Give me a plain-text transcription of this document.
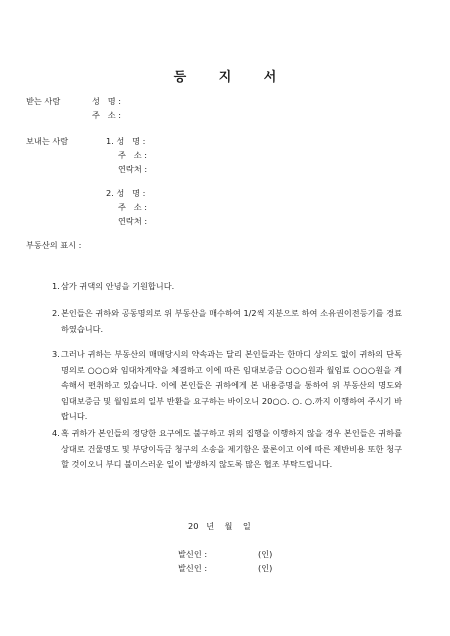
등 지 서
받는 사람	성   명 :
주   소 :
보내는 사람	1. 성   명 :
주   소 :
연락처 :
2. 성   명 :
주   소 :
연락처 :
부동산의 표시 :
1. 삼가 귀댁의 안녕을 기원합니다.
2. 본인들은 귀하와 공동명의로 위 부동산을 매수하여 1/2씩 지분으로 하여 소유권이전등기를 경료하였습니다.
3. 그러나 귀하는 부동산의 매매당시의 약속과는 달리 본인들과는 한마디 상의도 없이 귀하의 단독 명의로 ○○○와 임대차계약을 체결하고 이에 따른 임대보증금 ○○○원과 월임료 ○○○원을 계속해서 편취하고 있습니다. 이에 본인들은 귀하에게 본 내용증명을 통하여 위 부동산의 명도와 임대보증금 및 월임료의 일부 반환을 요구하는 바이오니 20○○. ○. ○.까지 이행하여 주시기 바랍니다.
4. 혹 귀하가 본인들의 정당한 요구에도 불구하고 위의 집행을 이행하지 않을 경우 본인들은 귀하를 상대로 건물명도 및 부당이득금 청구의 소송을 제기함은 물론이고 이에 따른 제반비용 또한 청구할 것이오니 부디 불미스러운 일이 발생하지 않도록 많은 협조 부탁드립니다.
20   년    월    일
발신인 :	(인)
발신인 :	(인)
